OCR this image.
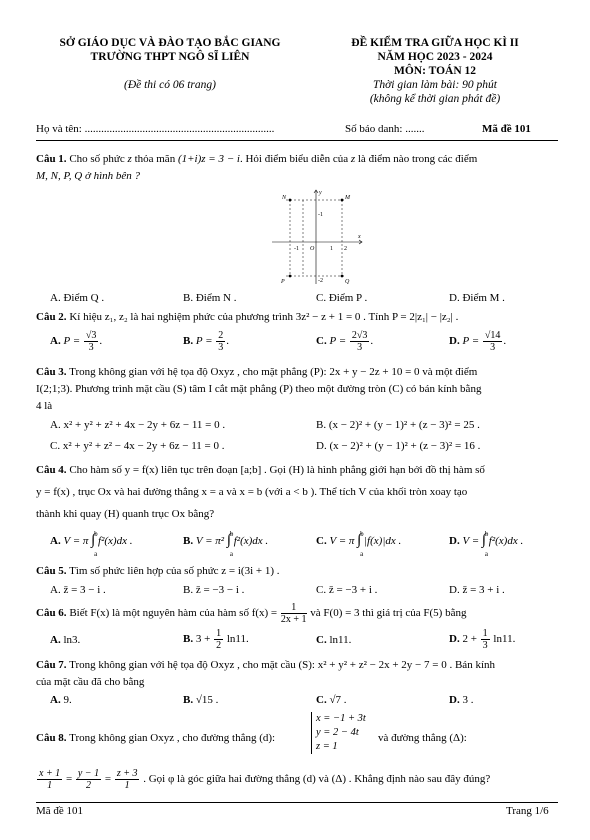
SỞ GIÁO DỤC VÀ ĐÀO TẠO BẮC GIANG
TRƯỜNG THPT NGÔ SĨ LIÊN
(Đề thi có 06 trang)
ĐỀ KIỂM TRA GIỮA HỌC KÌ II
NĂM HỌC 2023 - 2024
MÔN: TOÁN 12
Thời gian làm bài: 90 phút
(không kể thời gian phát đề)
Họ và tên: .....................................................................	Số báo danh: .......	Mã đề 101
Câu 1. Cho số phức z thỏa mãn (1+i)z = 3 − i. Hỏi điểm biểu diễn của z là điểm nào trong các điểm
M, N, P, Q ở hình bên ?
N	M
P	Q
O
x
y
1 2
-1
-2
-1
A. Điểm Q .	B. Điểm N .	C. Điểm P .	D. Điểm M .
Câu 2. Kí hiệu z₁, z₂ là hai nghiệm phức của phương trình 3z² − z + 1 = 0 . Tính P = 2|z₁| − |z₂| .
A. $P = \frac{√3}{3}$ .	B. $P = \frac{2}{3}$ .	C. $P = \frac{2√3}{3}$ .	D. $P = \frac{√14}{3}$ .
Câu 3. Trong không gian với hệ tọa độ Oxyz , cho mặt phẳng (P): 2x + y − 2z + 10 = 0 và một điểm
I(2;1;3). Phương trình mặt cầu (S) tâm I cắt mặt phẳng (P) theo một đường tròn (C) có bán kính bằng
4 là
A. x² + y² + z² + 4x − 2y + 6z − 11 = 0 .	B. (x − 2)² + (y − 1)² + (z − 3)² = 25 .
C. x² + y² + z² − 4x − 2y + 6z − 11 = 0 .	D. (x − 2)² + (y − 1)² + (z − 3)² = 16 .
Câu 4. Cho hàm số y = f(x) liên tục trên đoạn [a;b] . Gọi (H) là hình phẳng giới hạn bởi đồ thị hàm số
y = f(x) , trục Ox và hai đường thẳng x = a và x = b (với a < b ). Thể tích V của khối tròn xoay tạo
thành khi quay (H) quanh trục Ox bằng?
A. V = π ∫
b
a
f²(x)dx .	B. V = π² ∫
b
a
f²(x)dx .	C. V = π ∫
b
a
|f(x)|dx .	D. V = ∫
b
a
f²(x)dx .
Câu 5. Tìm số phức liên hợp của số phức z = i(3i + 1) .
A. z̄ = 3 − i .	B. z̄ = −3 − i .	C. z̄ = −3 + i .	D. z̄ = 3 + i .
Câu 6. Biết F(x) là một nguyên hàm của hàm số $f(x) = \frac{1}{2x + 1}$ và F(0) = 3 thì giá trị của F(5) bằng
A. ln3.	B. $3 + \frac{1}{2} \ln 11$.	C. ln11.	D. $2 + \frac{1}{3} \ln 11$.
Câu 7. Trong không gian với hệ tọa độ Oxyz , cho mặt cầu (S): x² + y² + z² − 2x + 2y − 7 = 0 . Bán kính
của mặt cầu đã cho bằng
A. 9.	B. √15 .	C. √7 .	D. 3 .
Câu 8. Trong không gian Oxyz , cho đường thẳng (d):
x = −1 + 3t
y = 2 − 4t
z = 1
và đường thẳng (Δ):
$\frac{x + 1}{1} = \frac{y - 1}{2} = \frac{z + 3}{1}$ . Gọi φ là góc giữa hai đường thẳng (d) và (Δ) . Khẳng định nào sau đây đúng?
Mã đề 101	Trang 1/6
